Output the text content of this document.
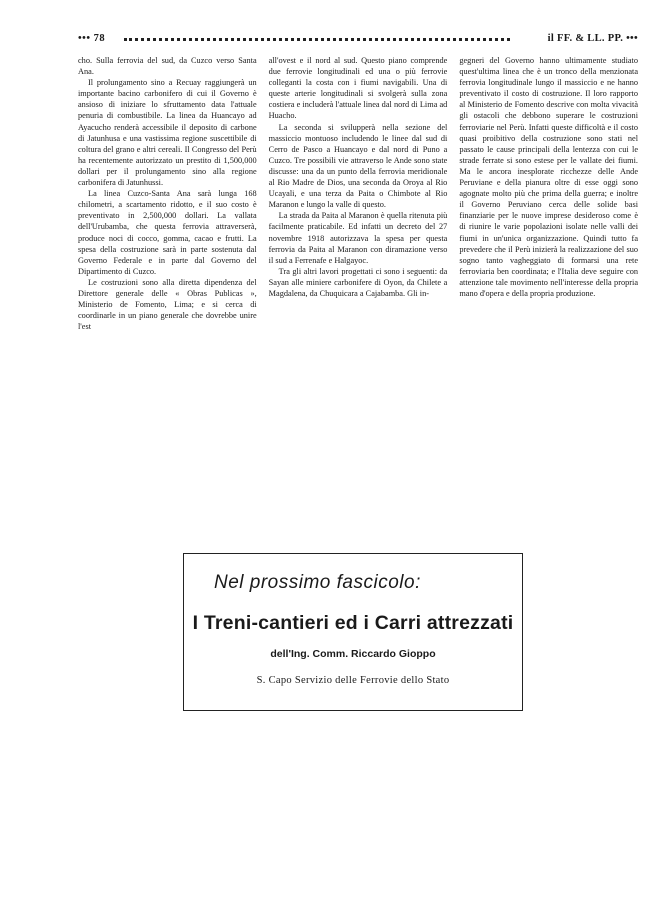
••• 78	il FF. & LL. PP. •••

cho. Sulla ferrovia del sud, da Cuzco verso Santa Ana.

Il prolungamento sino a Recuay raggiungerà un importante bacino carbonifero di cui il Governo è ansioso di iniziare lo sfruttamento data l'attuale penuria di combustibile. La linea da Huancayo ad Ayacucho renderà accessibile il deposito di carbone di Jatunhusa e una vastissima regione suscettibile di coltura del grano e altri cereali. Il Congresso del Perù ha recentemente autorizzato un prestito di 1,500,000 dollari per il prolungamento sino alla regione carbonifera di Jatunhussi.

La linea Cuzco-Santa Ana sarà lunga 168 chilometri, a scartamento ridotto, e il suo costo è preventivato in 2,500,000 dollari. La vallata dell'Urubamba, che questa ferrovia attraverserà, produce noci di cocco, gomma, cacao e frutti. La spesa della costruzione sarà in parte sostenuta dal Governo Federale e in parte dal Governo del Dipartimento di Cuzco.

Le costruzioni sono alla diretta dipendenza del Direttore generale delle « Obras Publicas », Ministerio de Fomento, Lima; e si cerca di coordinarle in un piano generale che dovrebbe unire l'est

all'ovest e il nord al sud. Questo piano comprende due ferrovie longitudinali ed una o più ferrovie colleganti la costa con i fiumi navigabili. Una di queste arterie longitudinali si svolgerà sulla zona costiera e includerà l'attuale linea dal nord di Lima ad Huacho.

La seconda si svilupperà nella sezione del massiccio montuoso includendo le linee dal sud di Cerro de Pasco a Huancayo e dal nord di Puno a Cuzco. Tre possibili vie attraverso le Ande sono state discusse: una da un punto della ferrovia meridionale al Rio Madre de Dios, una seconda da Oroya al Rio Ucayali, e una terza da Paita o Chimbote al Rio Maranon e lungo la valle di questo.

La strada da Paita al Maranon è quella ritenuta più facilmente praticabile. Ed infatti un decreto del 27 novembre 1918 autorizzava la spesa per questa ferrovia da Paita al Maranon con diramazione verso il sud a Ferrenafe e Halgayoc.

Tra gli altri lavori progettati ci sono i seguenti: da Sayan alle miniere carbonifere di Oyon, da Chilete a Magdalena, da Chuquicara a Cajabamba. Gli in-

gegneri del Governo hanno ultimamente studiato quest'ultima linea che è un tronco della menzionata ferrovia longitudinale lungo il massiccio e ne hanno preventivato il costo di costruzione. Il loro rapporto al Ministerio de Fomento descrive con molta vivacità gli ostacoli che debbono superare le costruzioni ferroviarie nel Perù. Infatti queste difficoltà e il costo quasi proibitivo della costruzione sono stati nel passato le cause principali della lentezza con cui le strade ferrate si sono estese per le vallate dei fiumi. Ma le ancora inesplorate ricchezze delle Ande Peruviane e della pianura oltre di esse oggi sono agognate molto più che prima della guerra; e inoltre il Governo Peruviano cerca delle solide basi finanziarie per le nuove imprese desideroso come è di riunire le varie popolazioni isolate nelle valli dei fiumi in un'unica organizzazione. Quindi tutto fa prevedere che il Perù inizierà la realizzazione del suo sogno tanto vagheggiato di formarsi una rete ferroviaria ben coordinata; e l'Italia deve seguire con attenzione tale movimento nell'interesse della propria mano d'opera e della propria produzione.

Nel prossimo fascicolo:
I Treni-cantieri ed i Carri attrezzati
dell'Ing. Comm. Riccardo Gioppo
S. Capo Servizio delle Ferrovie dello Stato
